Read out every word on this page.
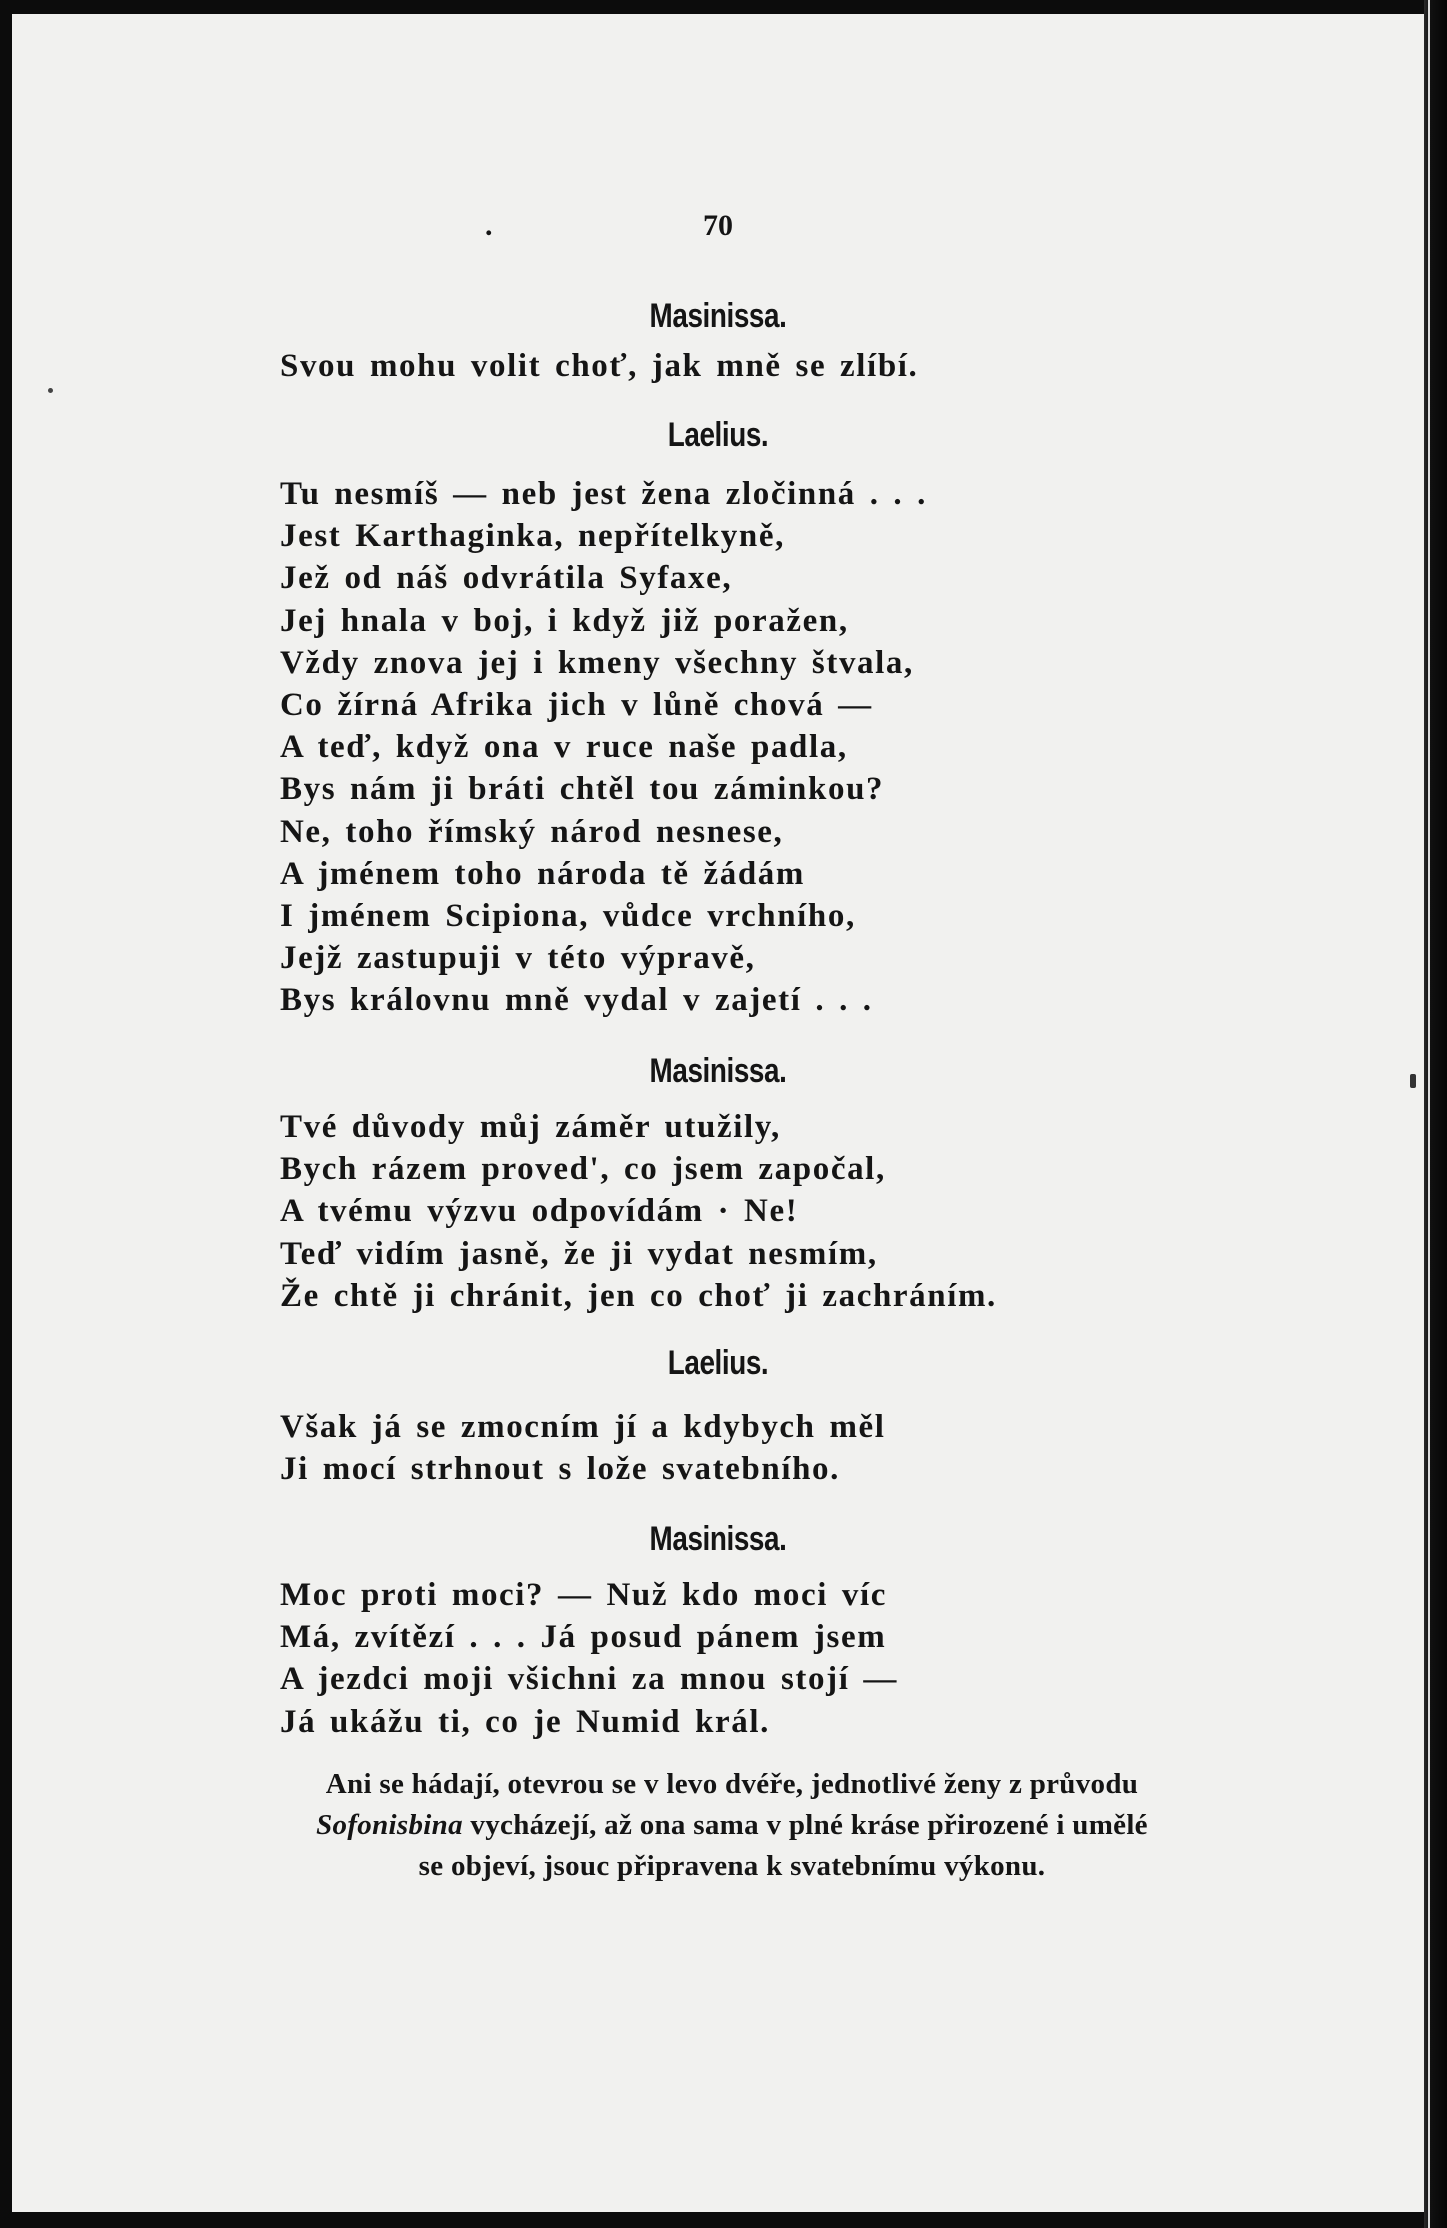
.	70
Masinissa.
Svou mohu volit choť, jak mně se zlíbí.
Laelius.
Tu nesmíš — neb jest žena zločinná . . .
Jest Karthaginka, nepřítelkyně,
Jež od náš odvrátila Syfaxe,
Jej hnala v boj, i když již poražen,
Vždy znova jej i kmeny všechny štvala,
Co žírná Afrika jich v lůně chová —
A teď, když ona v ruce naše padla,
Bys nám ji bráti chtěl tou záminkou?
Ne, toho římský národ nesnese,
A jménem toho národa tě žádám
I jménem Scipiona, vůdce vrchního,
Jejž zastupuji v této výpravě,
Bys královnu mně vydal v zajetí . . .
Masinissa.
Tvé důvody můj záměr utužily,
Bych rázem proved', co jsem započal,
A tvému výzvu odpovídám · Ne!
Teď vidím jasně, že ji vydat nesmím,
Že chtě ji chránit, jen co choť ji zachráním.
Laelius.
Však já se zmocním jí a kdybych měl
Ji mocí strhnout s lože svatebního.
Masinissa.
Moc proti moci? — Nuž kdo moci víc
Má, zvítězí . . . Já posud pánem jsem
A jezdci moji všichni za mnou stojí —
Já ukážu ti, co je Numid král.
Ani se hádají, otevrou se v levo dvéře, jednotlivé ženy z průvodu
Sofonisbina vycházejí, až ona sama v plné kráse přirozené i umělé
se objeví, jsouc připravena k svatebnímu výkonu.
